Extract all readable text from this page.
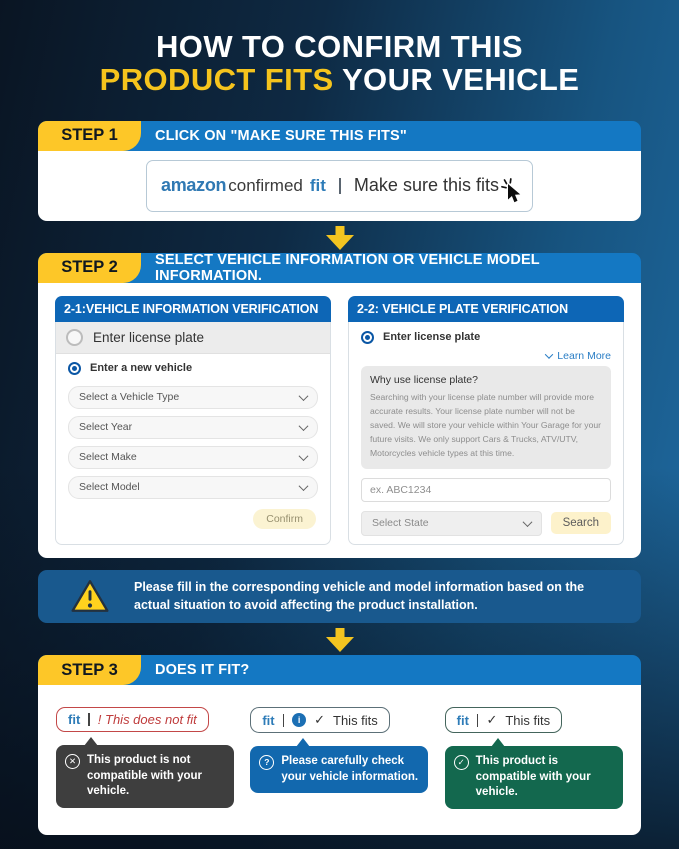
HOW TO CONFIRM THIS
PRODUCT FITS YOUR VEHICLE
STEP 1	CLICK ON "MAKE SURE THIS FITS"
amazon confirmed fit Make sure this fits
STEP 2	SELECT VEHICLE INFORMATION OR VEHICLE MODEL INFORMATION.
2-1:VEHICLE INFORMATION VERIFICATION
Enter license plate
Enter a new vehicle
Select a Vehicle Type
Select Year
Select Make
Select Model
Confirm
2-2: VEHICLE PLATE VERIFICATION
Enter license plate
Learn More
Why use license plate?
Searching with your license plate number will provide more accurate results. Your license plate number will not be saved. We will store your vehicle within Your Garage for your future visits. We only support Cars & Trucks, ATV/UTV, Motorcycles vehicle types at this time.
ex. ABC1234
Select State	Search
Please fill in the corresponding vehicle and model information based on the actual situation to avoid affecting the product installation.
STEP 3	DOES IT FIT?
fit ! This does not fit
✕ This product is not compatible with your vehicle.
fit	i	✓ This fits
?	Please carefully check your vehicle information.
fit ✓ This fits
✓ This product is compatible with your vehicle.
